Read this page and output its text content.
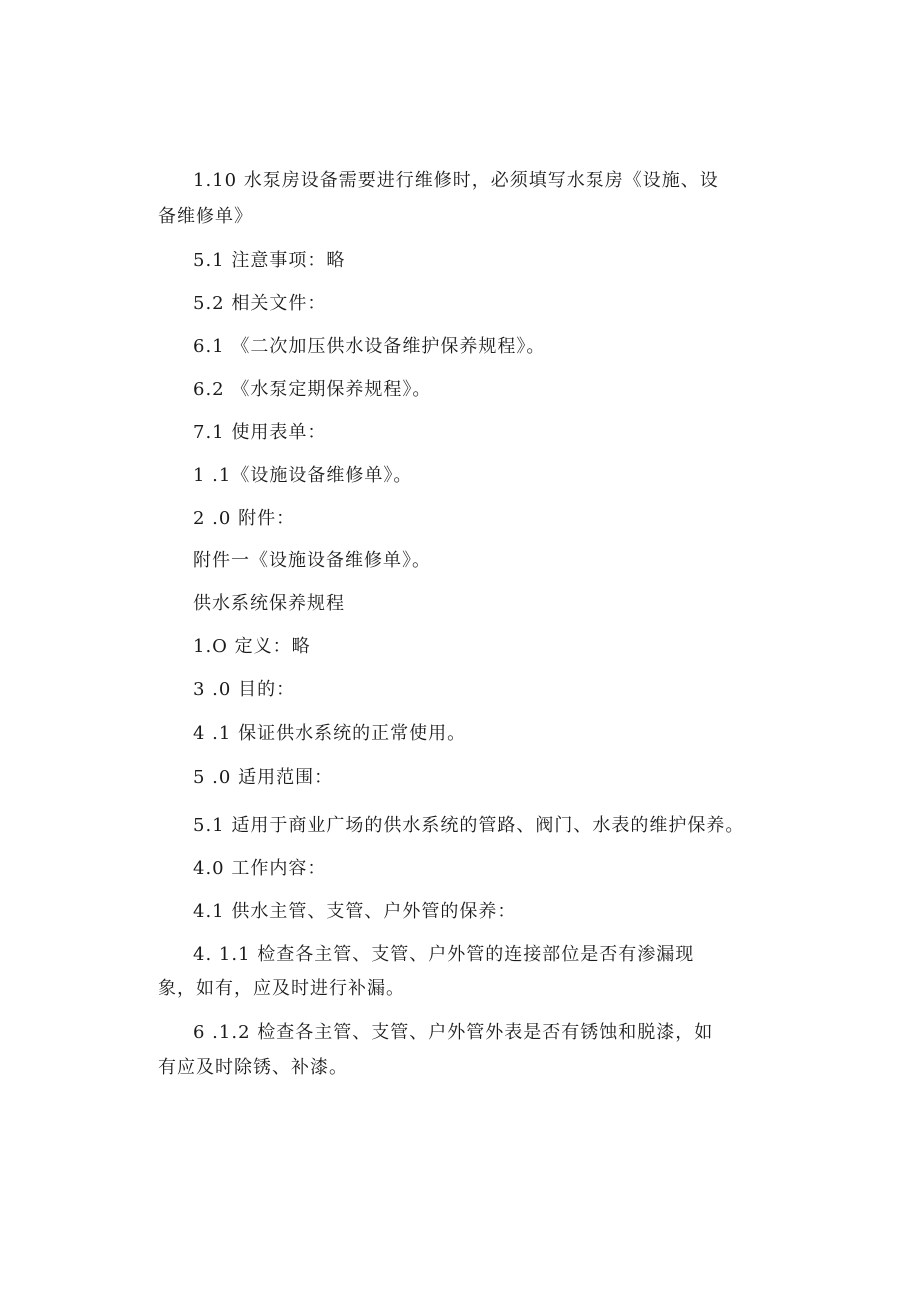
1.10 水泵房设备需要进行维修时，必须填写水泵房《设施、设
备维修单》
5.1 注意事项：略
5.2 相关文件：
6.1 《二次加压供水设备维护保养规程》。
6.2 《水泵定期保养规程》。
7.1 使用表单：
1 .1《设施设备维修单》。
2 .0 附件：
附件一《设施设备维修单》。
供水系统保养规程
1.O 定义：略
3 .0 目的：
4 .1 保证供水系统的正常使用。
5 .0 适用范围：
5.1 适用于商业广场的供水系统的管路、阀门、水表的维护保养。
4.0 工作内容：
4.1 供水主管、支管、户外管的保养：
4. 1.1 检查各主管、支管、户外管的连接部位是否有渗漏现
象，如有，应及时进行补漏。
6 .1.2 检查各主管、支管、户外管外表是否有锈蚀和脱漆，如
有应及时除锈、补漆。
